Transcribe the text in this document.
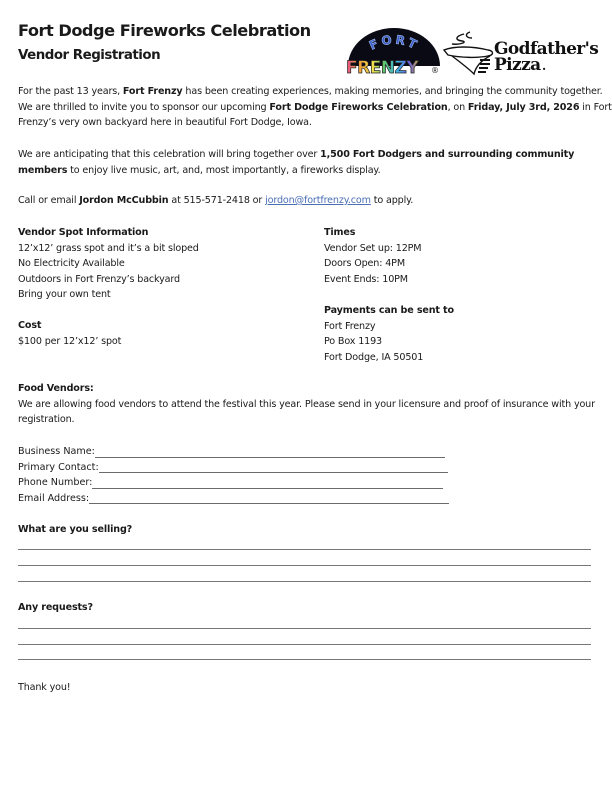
Fort Dodge Fireworks Celebration
Vendor Registration
FORT
FRENZY ®
Godfather's
Pizza .
For the past 13 years, Fort Frenzy has been creating experiences, making memories, and bringing the community together.
We are thrilled to invite you to sponsor our upcoming Fort Dodge Fireworks Celebration, on Friday, July 3rd, 2026 in Fort
Frenzy’s very own backyard here in beautiful Fort Dodge, Iowa.
We are anticipating that this celebration will bring together over 1,500 Fort Dodgers and surrounding community
members to enjoy live music, art, and, most importantly, a fireworks display.
Call or email Jordon McCubbin at 515-571-2418 or jordon@fortfrenzy.com to apply.
Vendor Spot Information
12’x12’ grass spot and it’s a bit sloped
No Electricity Available
Outdoors in Fort Frenzy’s backyard
Bring your own tent
Cost
$100 per 12’x12’ spot
Times
Vendor Set up: 12PM
Doors Open: 4PM
Event Ends: 10PM
Payments can be sent to
Fort Frenzy
Po Box 1193
Fort Dodge, IA 50501
Food Vendors:
We are allowing food vendors to attend the festival this year. Please send in your licensure and proof of insurance with your
registration.
Business Name:
Primary Contact:
Phone Number:
Email Address:
What are you selling?
Any requests?
Thank you!
